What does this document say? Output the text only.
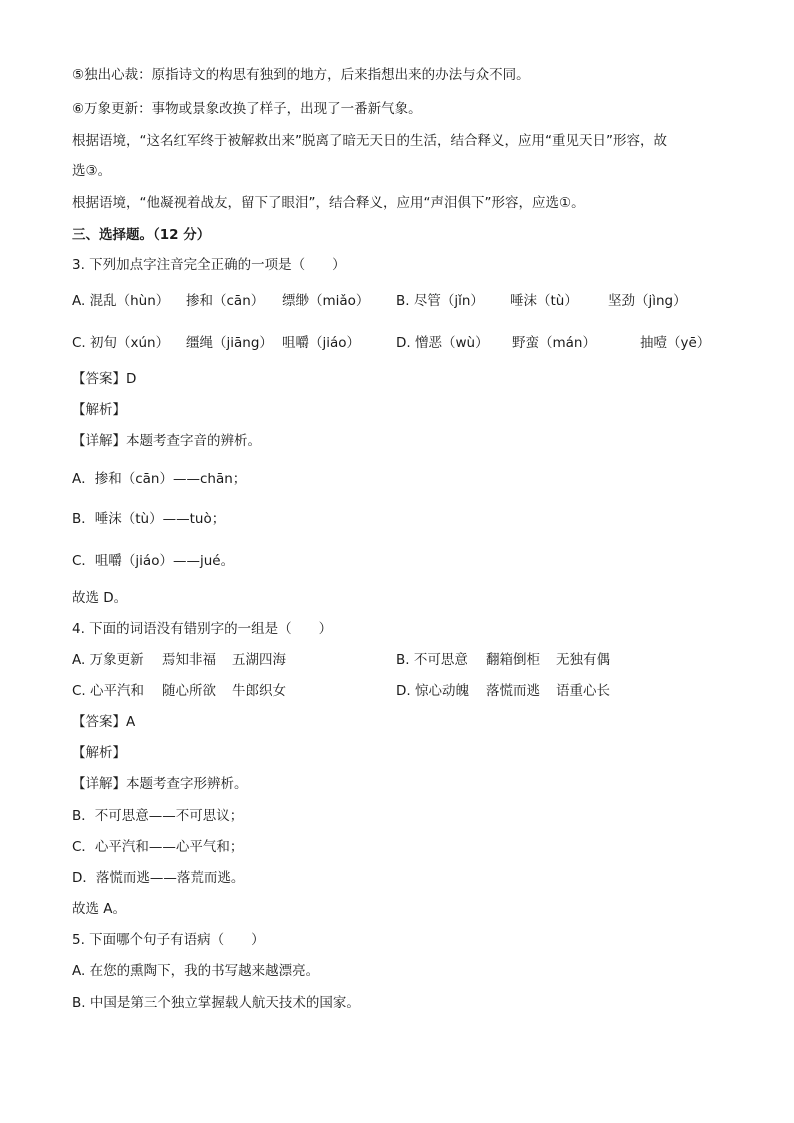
⑤独出心裁：原指诗文的构思有独到的地方，后来指想出来的办法与众不同。
⑥万象更新：事物或景象改换了样子，出现了一番新气象。
根据语境，“这名红军终于被解救出来”脱离了暗无天日的生活，结合释义，应用“重见天日”形容，故
选③。
根据语境，“他凝视着战友，留下了眼泪”，结合释义，应用“声泪俱下”形容，应选①。
三、选择题。（12 分）
3. 下列加点字注音完全正确的一项是（　　）
A. 混乱（hùn） 掺和（cān） 缥缈（miǎo） B. 尽管（jǐn） 唾沫（tù） 坚劲（jìng）
C. 初旬（xún） 缰绳（jiāng） 咀嚼（jiáo）	D. 憎恶（wù） 野蛮（mán）	抽噎（yē）
【答案】D
【解析】
【详解】本题考查字音的辨析。
A．掺和（cān）——chān；
B．唾沫（tù）——tuò；
C．咀嚼（jiáo）——jué。
故选 D。
4. 下面的词语没有错别字的一组是（　　）
A. 万象更新 焉知非福 五湖四海	B. 不可思意 翻箱倒柜 无独有偶
C. 心平汽和 随心所欲 牛郎织女	D. 惊心动魄 落慌而逃 语重心长
【答案】A
【解析】
【详解】本题考查字形辨析。
B．不可思意——不可思议；
C．心平汽和——心平气和；
D．落慌而逃——落荒而逃。
故选 A。
5. 下面哪个句子有语病（　　）
A. 在您的熏陶下，我的书写越来越漂亮。
B. 中国是第三个独立掌握载人航天技术的国家。
